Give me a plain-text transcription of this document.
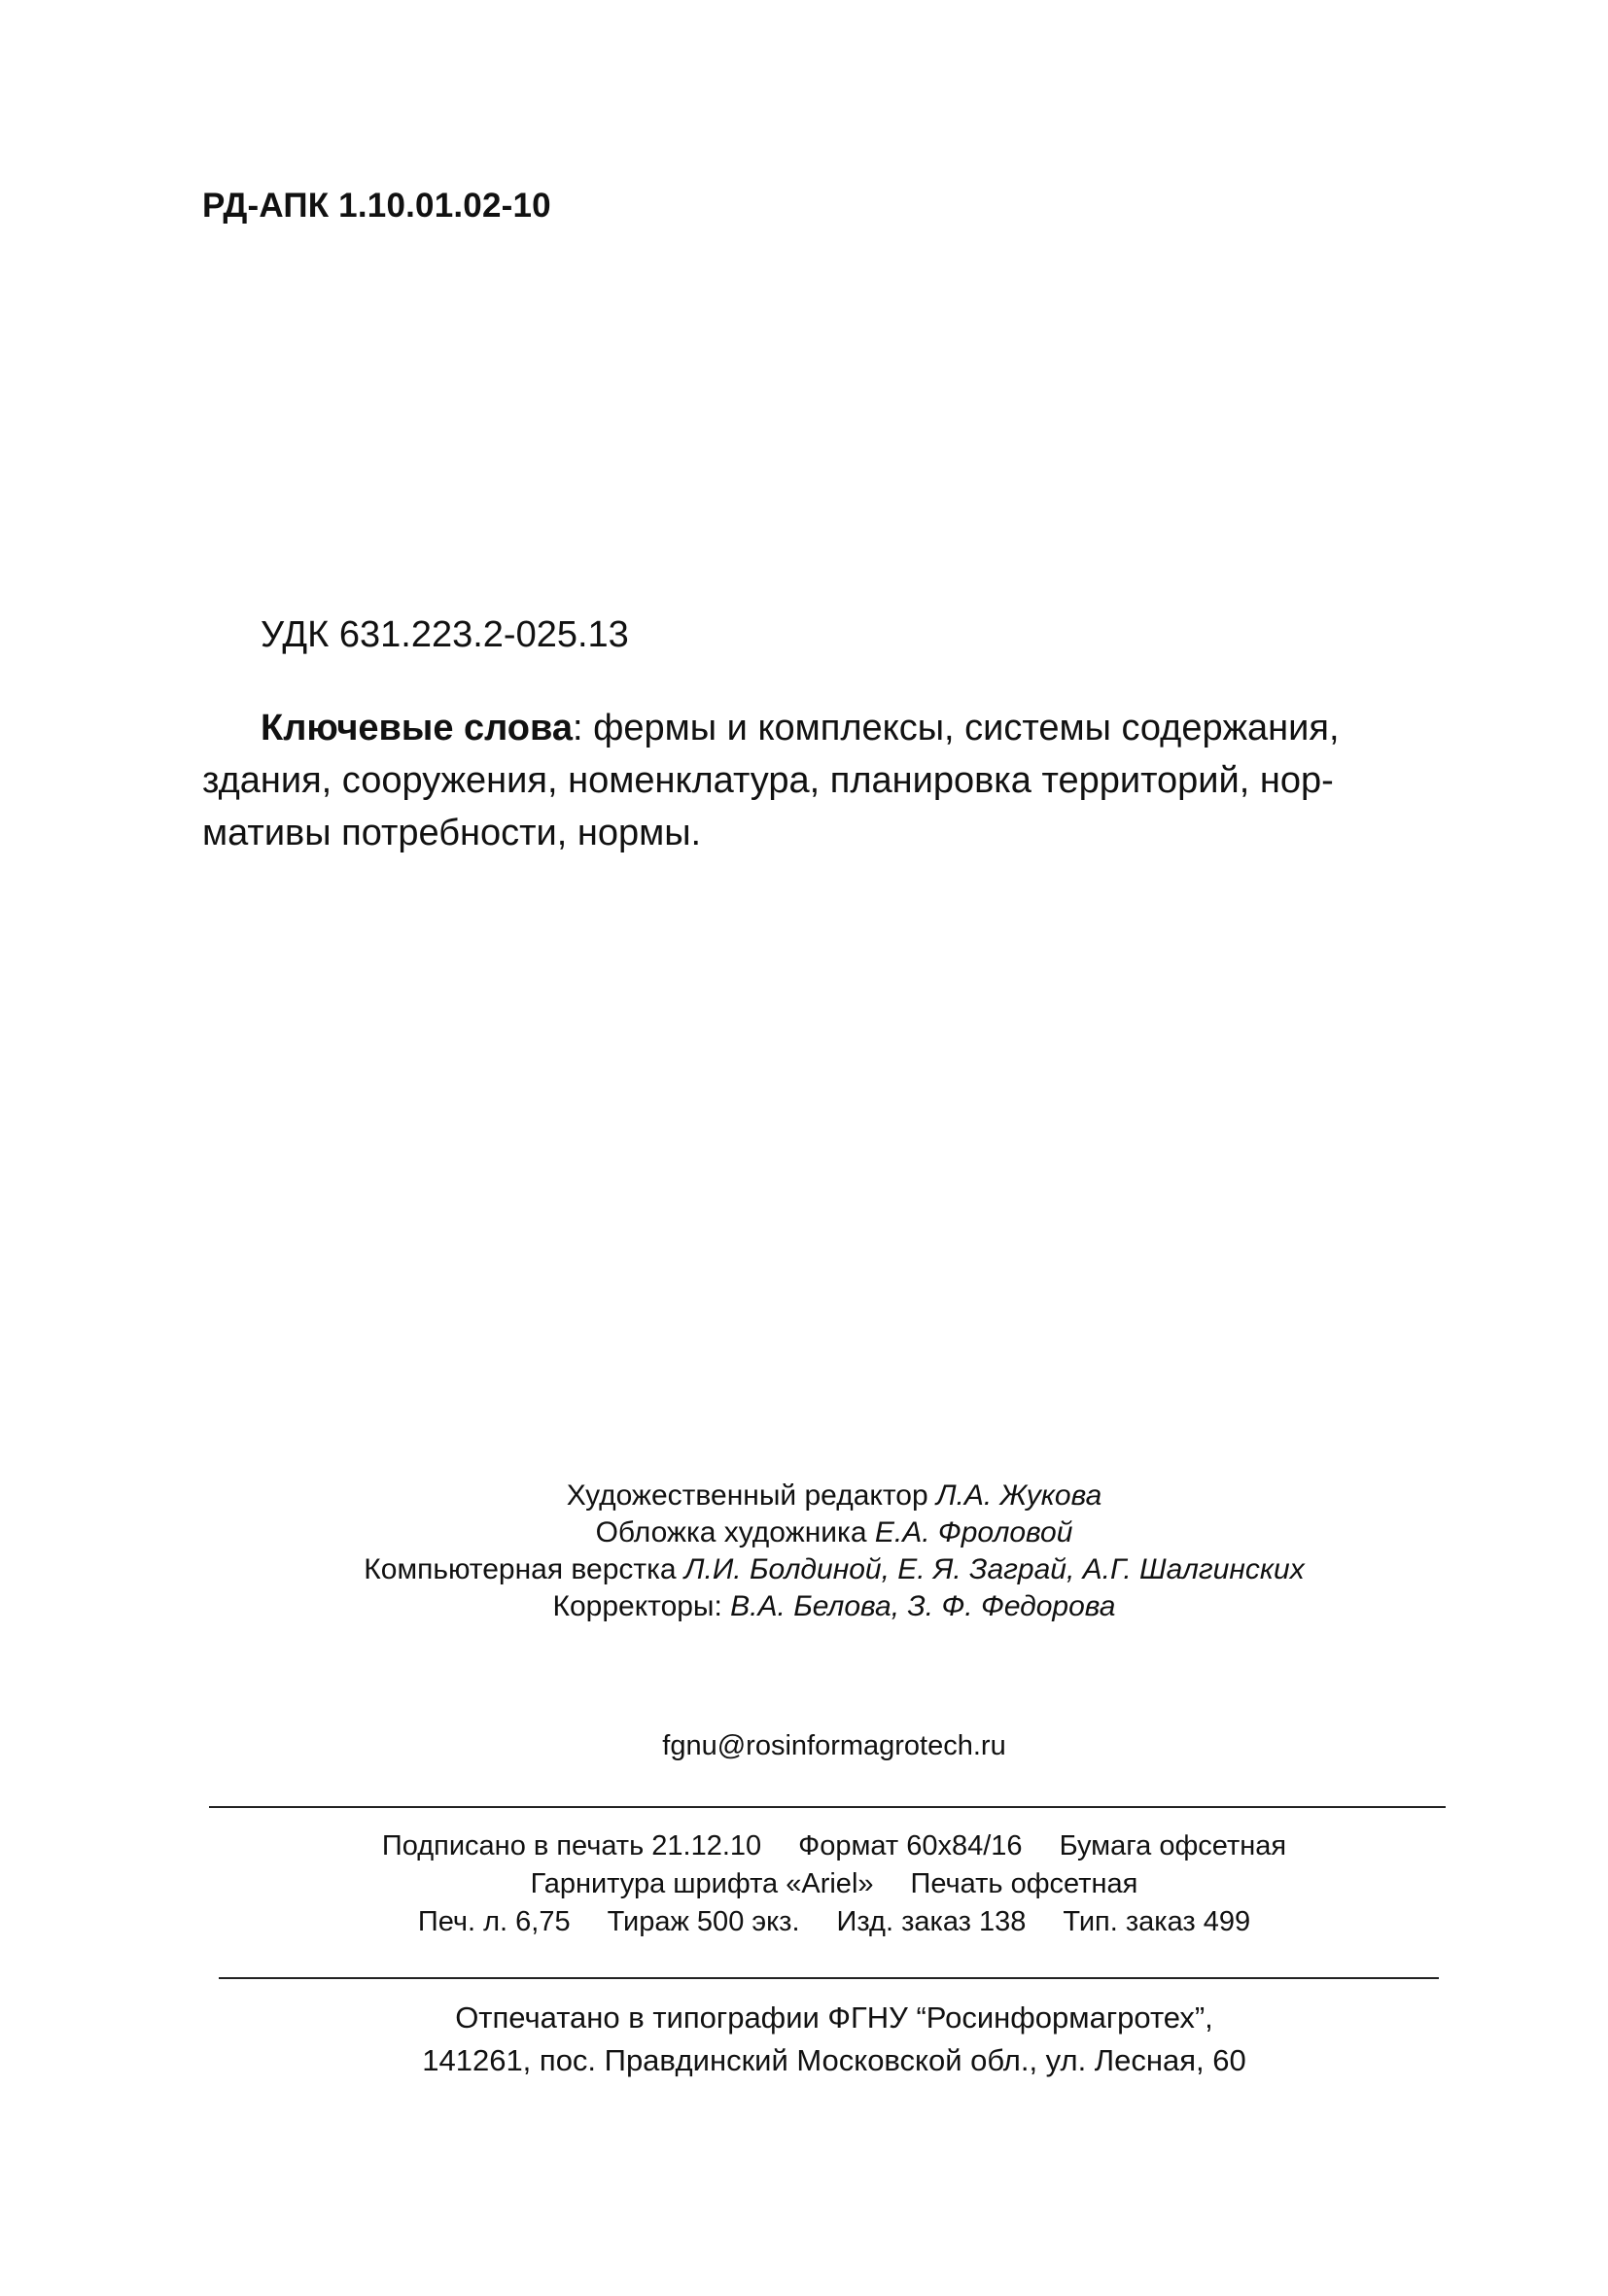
РД-АПК 1.10.01.02-10
УДК 631.223.2-025.13
Ключевые слова: фермы и комплексы, системы содержания,
здания, сооружения, номенклатура, планировка территорий, нор-
мативы потребности, нормы.
Художественный редактор Л.А. Жукова
Обложка художника Е.А. Фроловой
Компьютерная верстка Л.И. Болдиной, Е. Я. Заграй, А.Г. Шалгинских
Корректоры: В.А. Белова, З. Ф. Федорова
fgnu@rosinformagrotech.ru
Подписано в печать 21.12.10 Формат 60x84/16 Бумага офсетная
Гарнитура шрифта «Ariel» Печать офсетная
Печ. л. 6,75 Тираж 500 экз. Изд. заказ 138 Тип. заказ 499
Отпечатано в типографии ФГНУ “Росинформагротех”,
141261, пос. Правдинский Московской обл., ул. Лесная, 60
